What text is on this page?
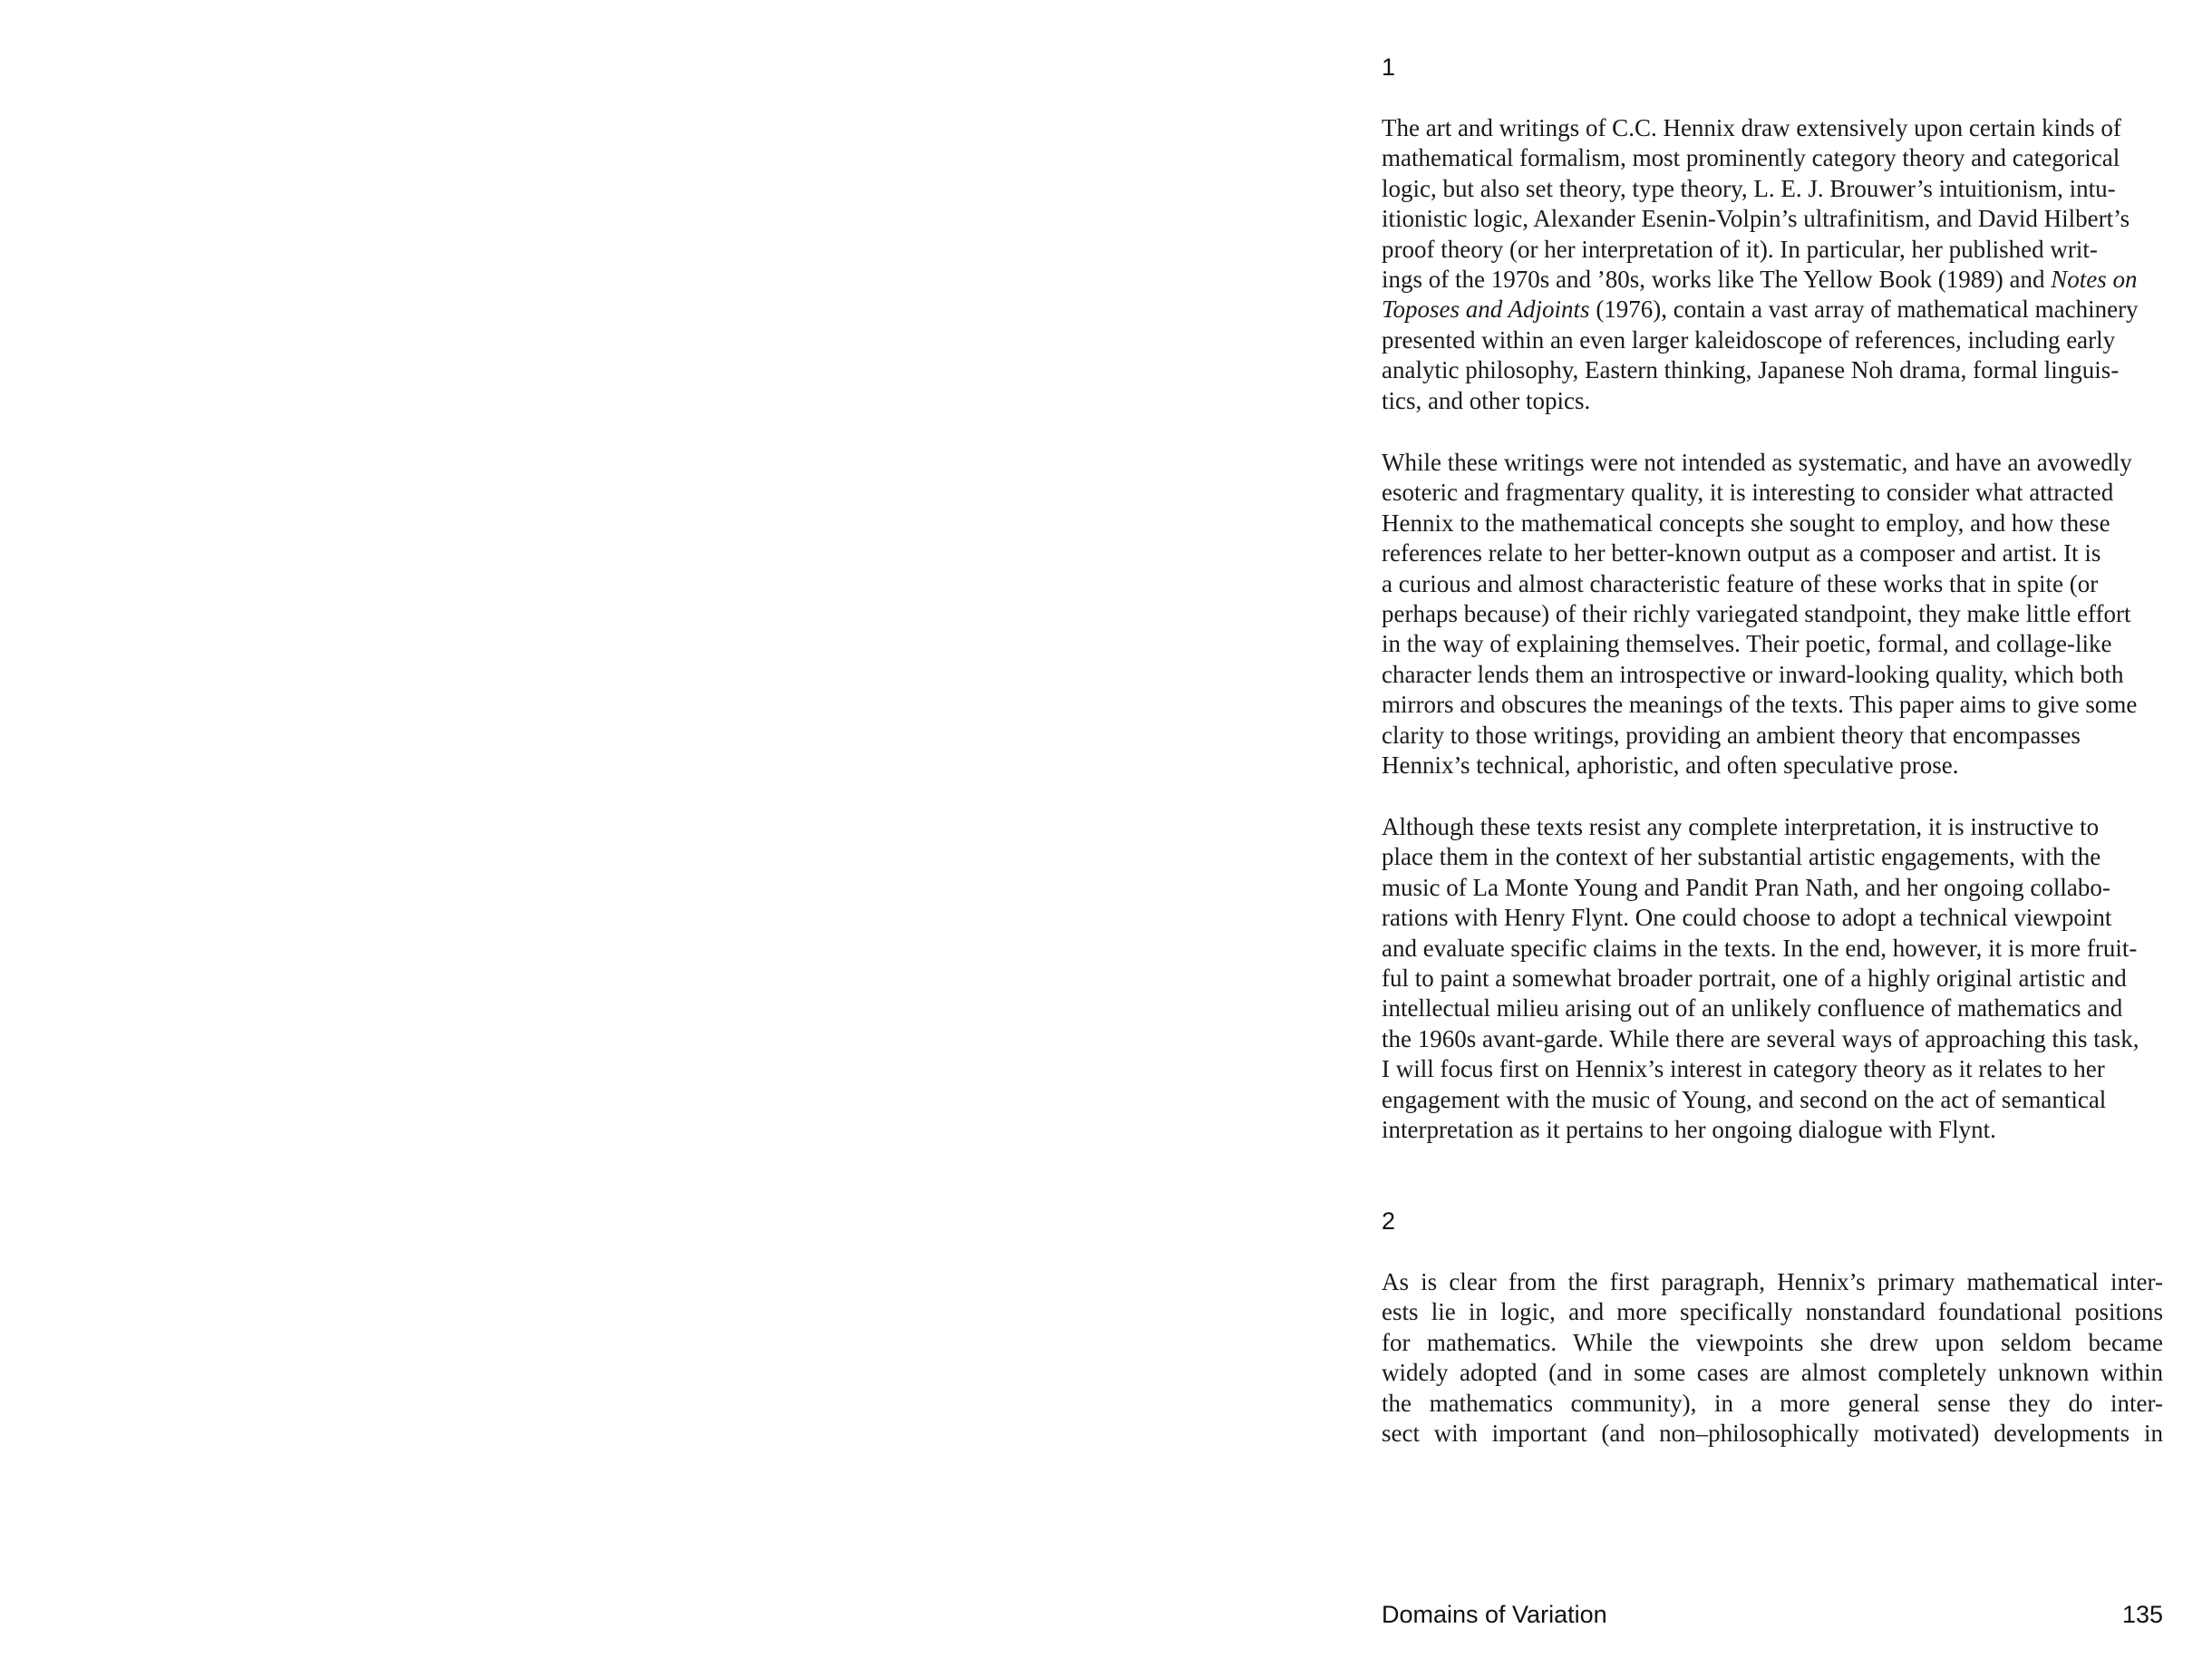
1

The art and writings of C.C. Hennix draw extensively upon certain kinds of
mathematical formalism, most prominently category theory and categorical
logic, but also set theory, type theory, L. E. J. Brouwer’s intuitionism, intu-
itionistic logic, Alexander Esenin-Volpin’s ultrafinitism, and David Hilbert’s
proof theory (or her interpretation of it). In particular, her published writ-
ings of the 1970s and ’80s, works like The Yellow Book (1989) and Notes on
Toposes and Adjoints (1976), contain a vast array of mathematical machinery
presented within an even larger kaleidoscope of references, including early
analytic philosophy, Eastern thinking, Japanese Noh drama, formal linguis-
tics, and other topics.

While these writings were not intended as systematic, and have an avowedly
esoteric and fragmentary quality, it is interesting to consider what attracted
Hennix to the mathematical concepts she sought to employ, and how these
references relate to her better-known output as a composer and artist. It is
a curious and almost characteristic feature of these works that in spite (or
perhaps because) of their richly variegated standpoint, they make little effort
in the way of explaining themselves. Their poetic, formal, and collage-like
character lends them an introspective or inward-looking quality, which both
mirrors and obscures the meanings of the texts. This paper aims to give some
clarity to those writings, providing an ambient theory that encompasses
Hennix’s technical, aphoristic, and often speculative prose.

Although these texts resist any complete interpretation, it is instructive to
place them in the context of her substantial artistic engagements, with the
music of La Monte Young and Pandit Pran Nath, and her ongoing collabo-
rations with Henry Flynt. One could choose to adopt a technical viewpoint
and evaluate specific claims in the texts. In the end, however, it is more fruit-
ful to paint a somewhat broader portrait, one of a highly original artistic and
intellectual milieu arising out of an unlikely confluence of mathematics and
the 1960s avant-garde. While there are several ways of approaching this task,
I will focus first on Hennix’s interest in category theory as it relates to her
engagement with the music of Young, and second on the act of semantical
interpretation as it pertains to her ongoing dialogue with Flynt.

2

As is clear from the first paragraph, Hennix’s primary mathematical inter-
ests lie in logic, and more specifically nonstandard foundational positions
for mathematics. While the viewpoints she drew upon seldom became
widely adopted (and in some cases are almost completely unknown within
the mathematics community), in a more general sense they do inter-
sect with important (and non–philosophically motivated) developments in

Domains of Variation	135
